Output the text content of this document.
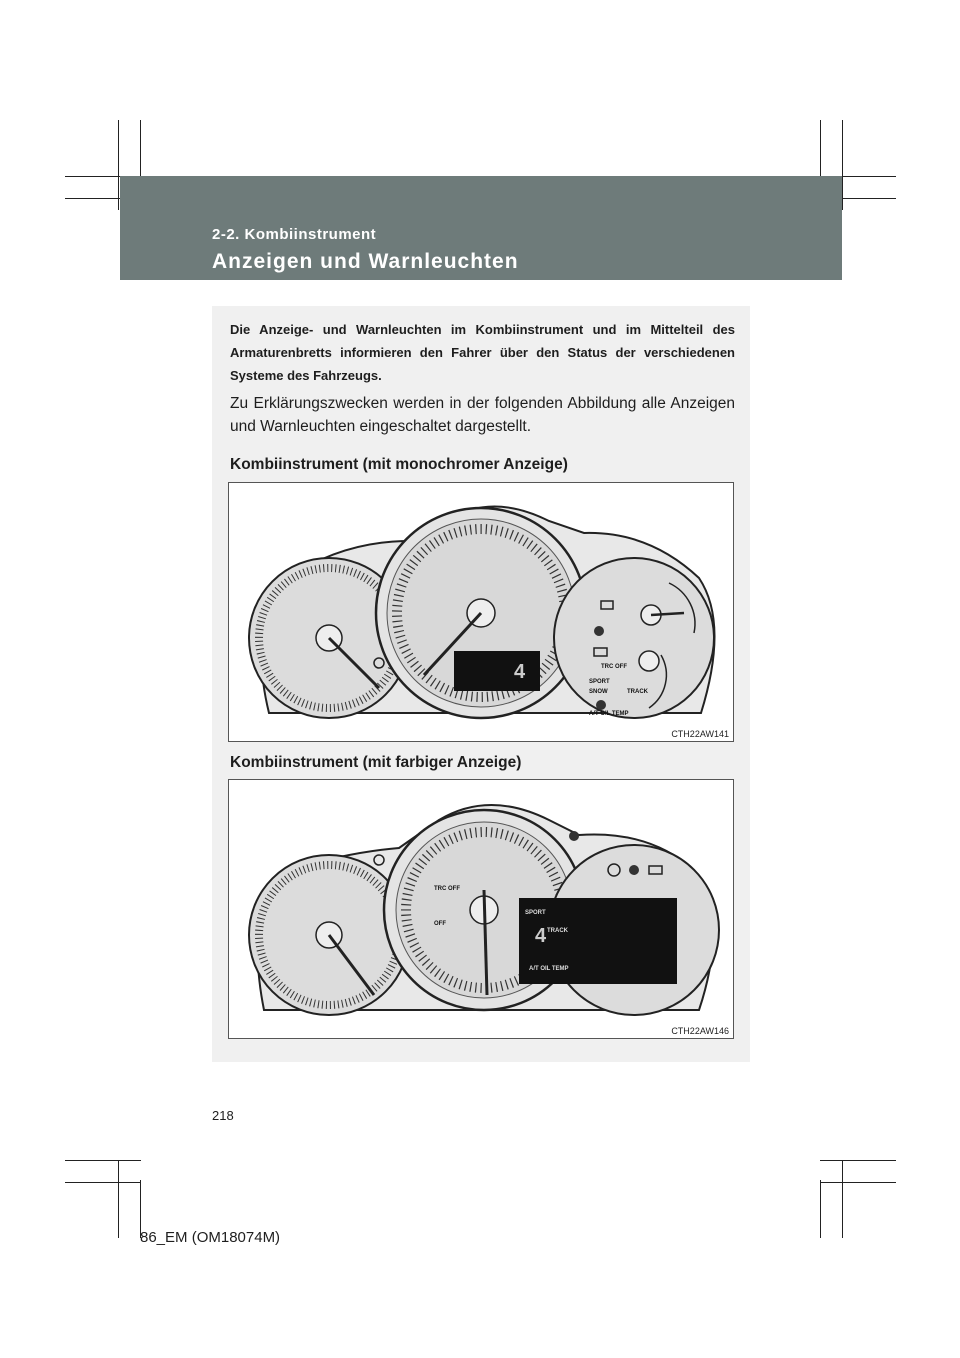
2-2. Kombiinstrument
Anzeigen und Warnleuchten

Die Anzeige- und Warnleuchten im Kombiinstrument und im Mittelteil des Armaturenbretts informieren den Fahrer über den Status der verschiedenen Systeme des Fahrzeugs.

Zu Erklärungszwecken werden in der folgenden Abbildung alle Anzeigen und Warnleuchten eingeschaltet dargestellt.

Kombiinstrument (mit monochromer Anzeige)
4	TRC OFF
SPORT
SNOW	TRACK
A/T OIL TEMP
CTH22AW141
Kombiinstrument (mit farbiger Anzeige)
TRC OFF
OFF
SPORT
4 TRACK
A/T OIL TEMP
CTH22AW146
218
86_EM (OM18074M)
